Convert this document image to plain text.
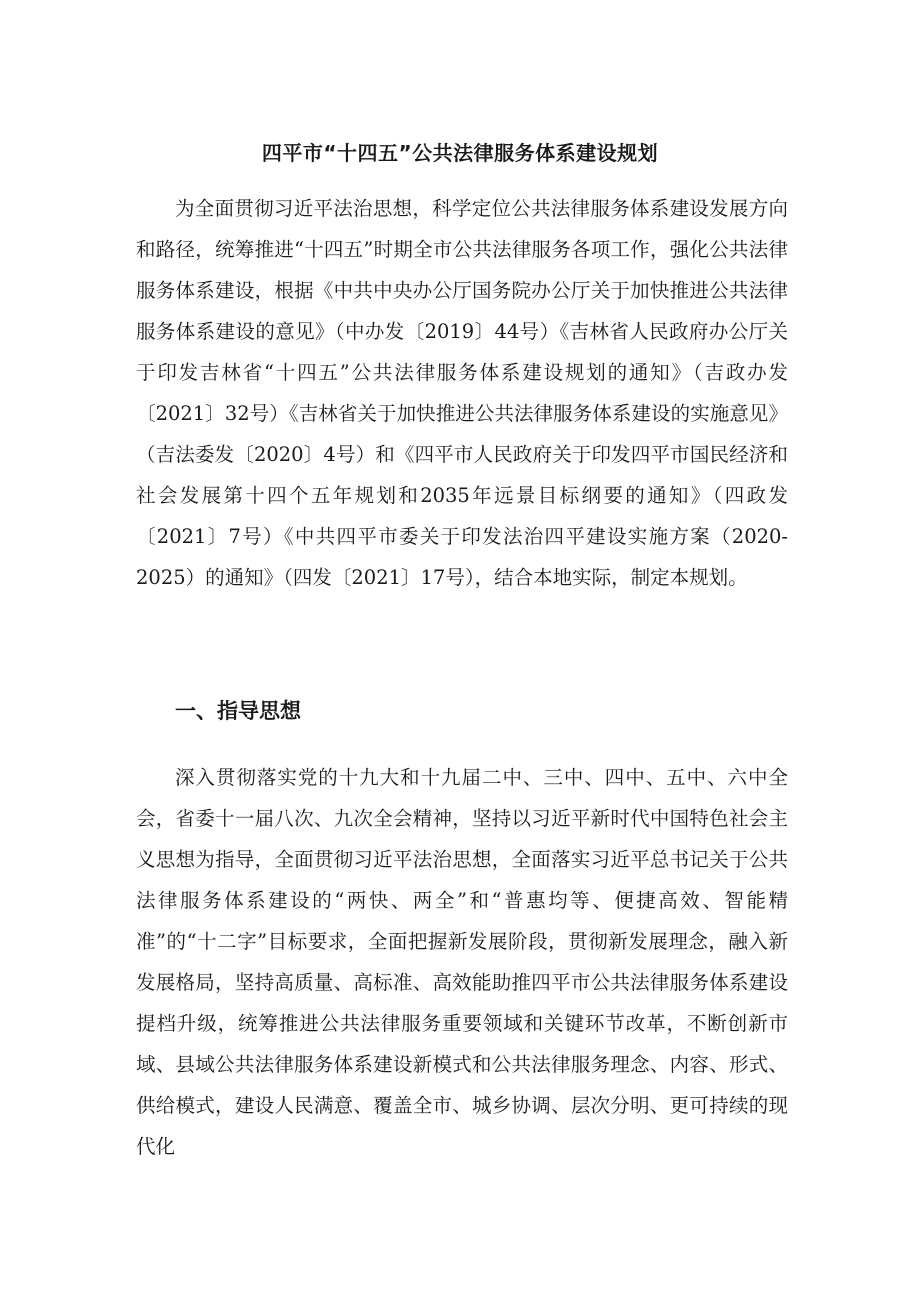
四平市“十四五”公共法律服务体系建设规划

为全面贯彻习近平法治思想，科学定位公共法律服务体系建设发展方向和路径，统筹推进“十四五”时期全市公共法律服务各项工作，强化公共法律服务体系建设，根据《中共中央办公厅国务院办公厅关于加快推进公共法律服务体系建设的意见》（中办发〔2019〕44号）《吉林省人民政府办公厅关于印发吉林省“十四五”公共法律服务体系建设规划的通知》（吉政办发〔2021〕32号）《吉林省关于加快推进公共法律服务体系建设的实施意见》（吉法委发〔2020〕4号）和《四平市人民政府关于印发四平市国民经济和社会发展第十四个五年规划和2035年远景目标纲要的通知》（四政发〔2021〕7号）《中共四平市委关于印发法治四平建设实施方案（2020-2025）的通知》（四发〔2021〕17号），结合本地实际，制定本规划。

一、指导思想

深入贯彻落实党的十九大和十九届二中、三中、四中、五中、六中全会，省委十一届八次、九次全会精神，坚持以习近平新时代中国特色社会主义思想为指导，全面贯彻习近平法治思想，全面落实习近平总书记关于公共法律服务体系建设的“两快、两全”和“普惠均等、便捷高效、智能精准”的“十二字”目标要求，全面把握新发展阶段，贯彻新发展理念，融入新发展格局，坚持高质量、高标准、高效能助推四平市公共法律服务体系建设提档升级，统筹推进公共法律服务重要领域和关键环节改革，不断创新市域、县域公共法律服务体系建设新模式和公共法律服务理念、内容、形式、供给模式，建设人民满意、覆盖全市、城乡协调、层次分明、更可持续的现代化
